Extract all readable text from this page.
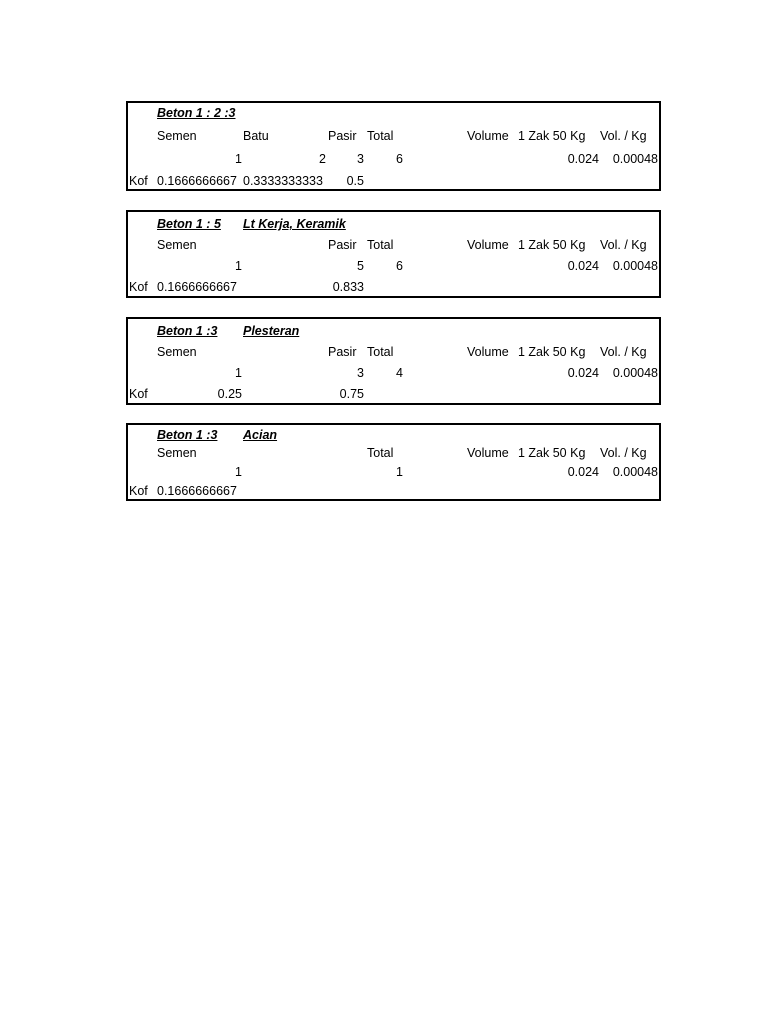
Beton 1 : 2 :3
Semen	Batu	Pasir Total	Volume 1 Zak 50 Kg Vol. / Kg
1	2 3	6	0.024 0.00048
Kof 0.1666666667 0.3333333333 0.5
Beton 1 : 5 Lt Kerja, Keramik
Semen	Pasir Total	Volume 1 Zak 50 Kg Vol. / Kg
1	5	6	0.024 0.00048
Kof 0.1666666667	0.833
Beton 1 :3 Plesteran
Semen	Pasir Total	Volume 1 Zak 50 Kg Vol. / Kg
1	3	4	0.024 0.00048
Kof	0.25	0.75
Beton 1 :3 Acian
Semen	Total	Volume 1 Zak 50 Kg Vol. / Kg
1	1	0.024 0.00048
Kof 0.1666666667
